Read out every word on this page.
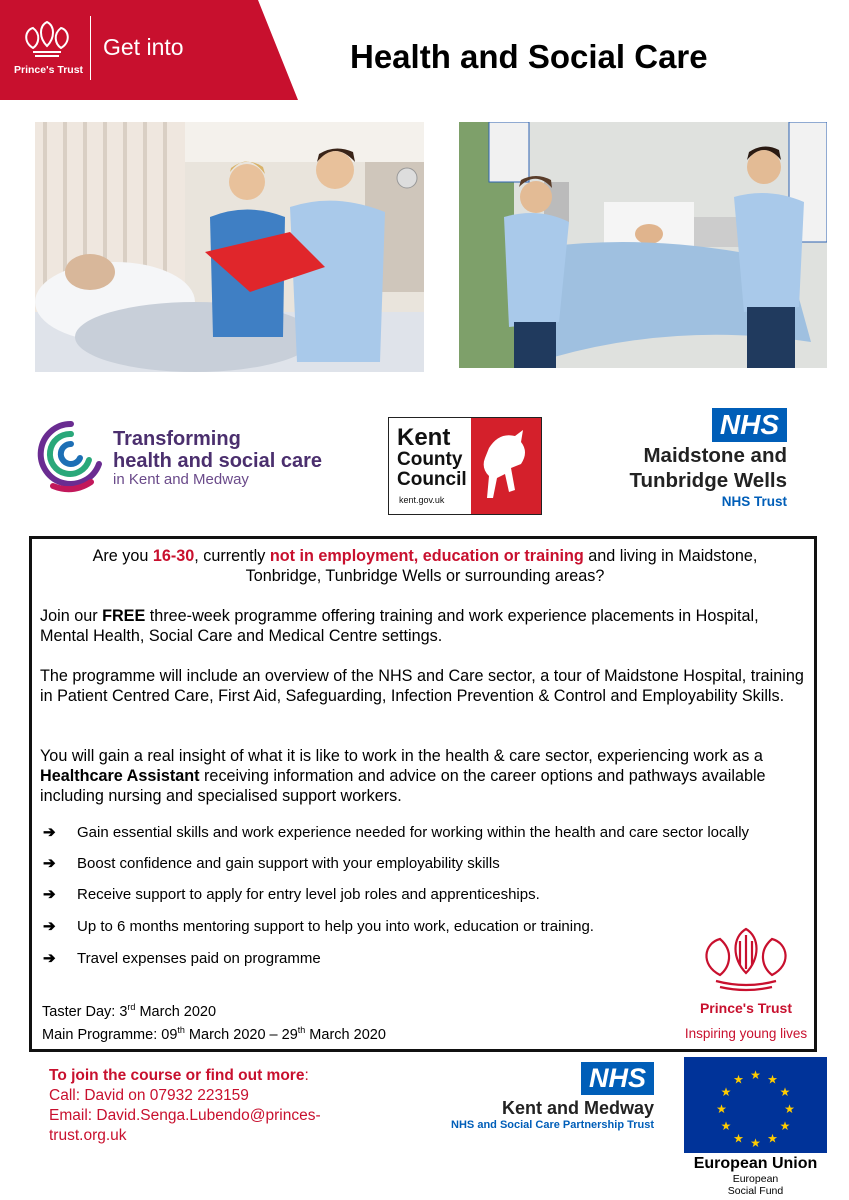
Prince's Trust
Get into	Health and Social Care
Transforming
health and social care
in Kent and Medway
Kent
County
Council
kent.gov.uk
NHS
Maidstone and
Tunbridge Wells
NHS Trust
Are you 16-30, currently not in employment, education or training and living in Maidstone,
Tonbridge, Tunbridge Wells or surrounding areas?
Join our FREE three-week programme offering training and work experience placements in Hospital, Mental Health, Social Care and Medical Centre settings.
The programme will include an overview of the NHS and Care sector, a tour of Maidstone Hospital, training in Patient Centred Care, First Aid, Safeguarding, Infection Prevention & Control and Employability Skills.
You will gain a real insight of what it is like to work in the health & care sector, experiencing work as a Healthcare Assistant receiving information and advice on the career options and pathways available including nursing and specialised support workers.
➔ Gain essential skills and work experience needed for working within the health and care sector locally
➔ Boost confidence and gain support with your employability skills
➔ Receive support to apply for entry level job roles and apprenticeships.
➔ Up to 6 months mentoring support to help you into work, education or training.
➔ Travel expenses paid on programme
Taster Day: 3rd March 2020
Main Programme: 09th March 2020 – 29th March 2020
Prince's Trust
Inspiring young lives
To join the course or find out more:
Call: David on 07932 223159
Email: David.Senga.Lubendo@princes-
trust.org.uk
NHS
Kent and Medway
NHS and Social Care Partnership Trust
★ ★
★
★
★
★
★
★
★
★
★
★
European Union
European
Social Fund
